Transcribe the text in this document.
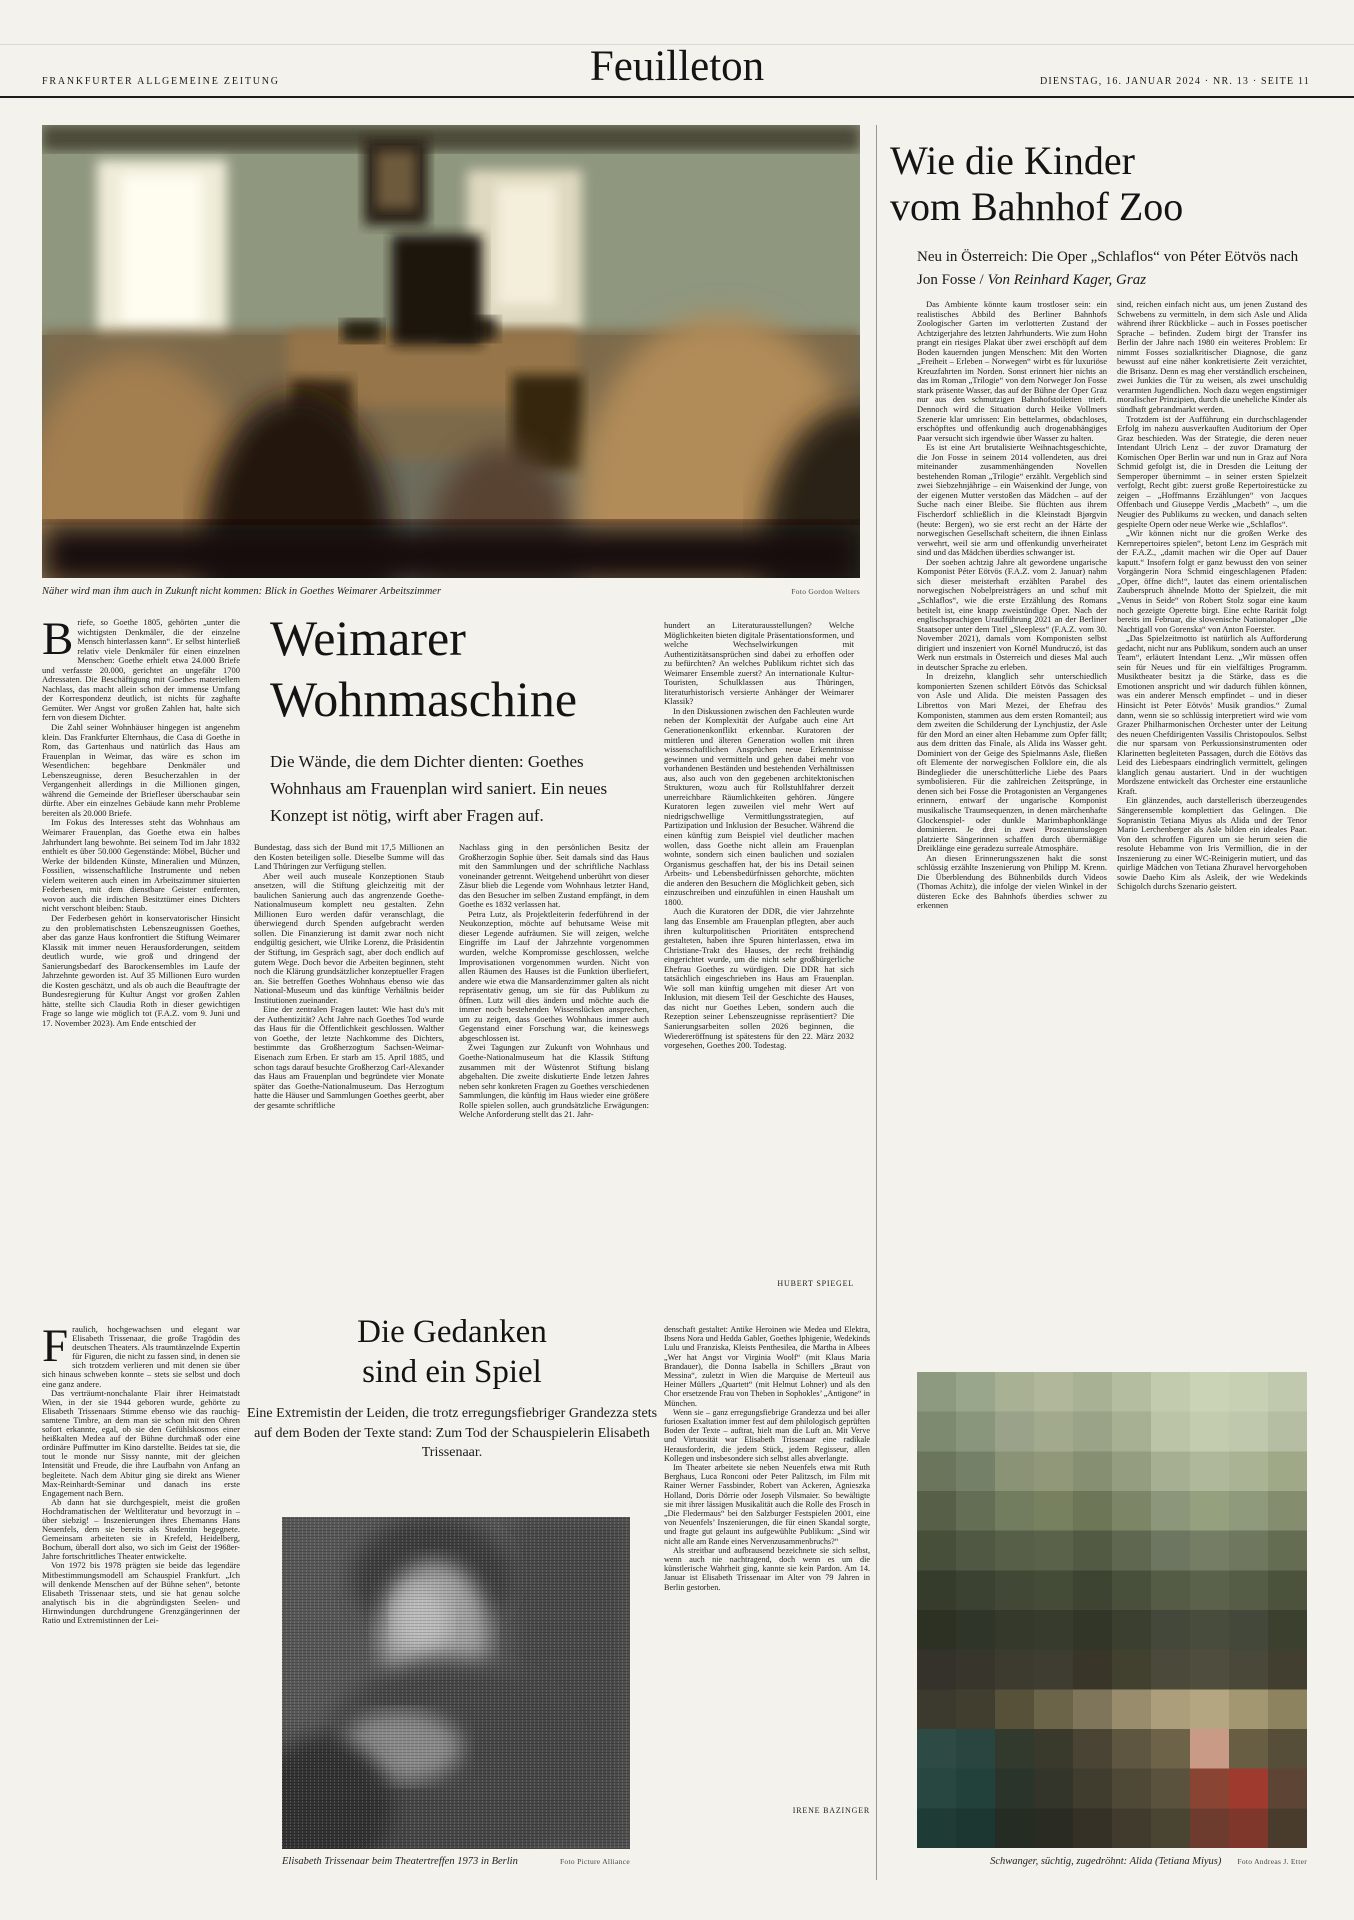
FRANKFURTER ALLGEMEINE ZEITUNG	Feuilleton	DIENSTAG, 16. JANUAR 2024 · NR. 13 · SEITE 11
Näher wird man ihm auch in Zukunft nicht kommen: Blick in Goethes Weimarer Arbeitszimmer	Foto Gordon Welters
Wie die Kinder
vom Bahnhof Zoo
Neu in Österreich: Die Oper „Schlaflos“ von Péter Eötvös nach Jon Fosse / Von Reinhard Kager, Graz

Das Ambiente könnte kaum trostloser sein: ein realistisches Abbild des Berliner Bahnhofs Zoologischer Garten im verlotterten Zustand der Achtzigerjahre des letzten Jahrhunderts. Wie zum Hohn prangt ein riesiges Plakat über zwei erschöpft auf dem Boden kauernden jungen Menschen: Mit den Worten „Freiheit – Erleben – Norwegen“ wirbt es für luxuriöse Kreuzfahrten im Norden. Sonst erinnert hier nichts an das im Roman „Trilogie“ von dem Norweger Jon Fosse stark präsente Wasser, das auf der Bühne der Oper Graz nur aus den schmutzigen Bahnhofstoiletten trieft. Dennoch wird die Situation durch Heike Vollmers Szenerie klar umrissen: Ein bettelarmes, obdachloses, erschöpftes und offenkundig auch drogenabhängiges Paar versucht sich irgendwie über Wasser zu halten.

Es ist eine Art brutalisierte Weihnachtsgeschichte, die Jon Fosse in seinem 2014 vollendeten, aus drei miteinander zusammenhängenden Novellen bestehenden Roman „Trilogie“ erzählt. Vergeblich sind zwei Siebzehnjährige – ein Waisenkind der Junge, von der eigenen Mutter verstoßen das Mädchen – auf der Suche nach einer Bleibe. Sie flüchten aus ihrem Fischerdorf schließlich in die Kleinstadt Bjørgvin (heute: Bergen), wo sie erst recht an der Härte der norwegischen Gesellschaft scheitern, die ihnen Einlass verwehrt, weil sie arm und offenkundig unverheiratet sind und das Mädchen überdies schwanger ist.

Der soeben achtzig Jahre alt gewordene ungarische Komponist Péter Eötvös (F.A.Z. vom 2. Januar) nahm sich dieser meisterhaft erzählten Parabel des norwegischen Nobelpreisträgers an und schuf mit „Schlaflos“, wie die erste Erzählung des Romans betitelt ist, eine knapp zweistündige Oper. Nach der englischsprachigen Uraufführung 2021 an der Berliner Staatsoper unter dem Titel „Sleepless“ (F.A.Z. vom 30. November 2021), damals vom Komponisten selbst dirigiert und inszeniert von Kornél Mundruczó, ist das Werk nun erstmals in Österreich und dieses Mal auch in deutscher Sprache zu erleben.

In dreizehn, klanglich sehr unterschiedlich komponierten Szenen schildert Eötvös das Schicksal von Asle und Alida. Die meisten Passagen des Librettos von Mari Mezei, der Ehefrau des Komponisten, stammen aus dem ersten Romanteil; aus dem zweiten die Schilderung der Lynchjustiz, der Asle für den Mord an einer alten Hebamme zum Opfer fällt; aus dem dritten das Finale, als Alida ins Wasser geht. Dominiert von der Geige des Spielmanns Asle, fließen oft Elemente der norwegischen Folklore ein, die als Bindeglieder die unerschütterliche Liebe des Paars symbolisieren. Für die zahlreichen Zeitsprünge, in denen sich bei Fosse die Protagonisten an Vergangenes erinnern, entwarf der ungarische Komponist musikalische Traumsequenzen, in denen märchenhafte Glockenspiel- oder dunkle Marimbaphonklänge dominieren. Je drei in zwei Proszeniumslogen platzierte Sängerinnen schaffen durch übermäßige Dreiklänge eine geradezu surreale Atmosphäre.

An diesen Erinnerungsszenen hakt die sonst schlüssig erzählte Inszenierung von Philipp M. Krenn. Die Überblendung des Bühnenbilds durch Videos (Thomas Achitz), die infolge der vielen Winkel in der düsteren Ecke des Bahnhofs überdies schwer zu erkennen

sind, reichen einfach nicht aus, um jenen Zustand des Schwebens zu vermitteln, in dem sich Asle und Alida während ihrer Rückblicke – auch in Fosses poetischer Sprache – befinden. Zudem birgt der Transfer ins Berlin der Jahre nach 1980 ein weiteres Problem: Er nimmt Fosses sozialkritischer Diagnose, die ganz bewusst auf eine näher konkretisierte Zeit verzichtet, die Brisanz. Denn es mag eher verständlich erscheinen, zwei Junkies die Tür zu weisen, als zwei unschuldig verarmten Jugendlichen. Noch dazu wegen engstirniger moralischer Prinzipien, durch die uneheliche Kinder als sündhaft gebrandmarkt werden.

Trotzdem ist der Aufführung ein durchschlagender Erfolg im nahezu ausverkauften Auditorium der Oper Graz beschieden. Was der Strategie, die deren neuer Intendant Ulrich Lenz – der zuvor Dramaturg der Komischen Oper Berlin war und nun in Graz auf Nora Schmid gefolgt ist, die in Dresden die Leitung der Semperoper übernimmt – in seiner ersten Spielzeit verfolgt, Recht gibt: zuerst große Repertoirestücke zu zeigen – „Hoffmanns Erzählungen“ von Jacques Offenbach und Giuseppe Verdis „Macbeth“ –, um die Neugier des Publikums zu wecken, und danach selten gespielte Opern oder neue Werke wie „Schlaflos“.

„Wir können nicht nur die großen Werke des Kernrepertoires spielen“, betont Lenz im Gespräch mit der F.A.Z., „damit machen wir die Oper auf Dauer kaputt.“ Insofern folgt er ganz bewusst den von seiner Vorgängerin Nora Schmid eingeschlagenen Pfaden: „Oper, öffne dich!“, lautet das einem orientalischen Zauberspruch ähnelnde Motto der Spielzeit, die mit „Venus in Seide“ von Robert Stolz sogar eine kaum noch gezeigte Operette birgt. Eine echte Rarität folgt bereits im Februar, die slowenische Nationaloper „Die Nachtigall von Gorenska“ von Anton Foerster.

„Das Spielzeitmotto ist natürlich als Aufforderung gedacht, nicht nur ans Publikum, sondern auch an unser Team“, erläutert Intendant Lenz. „Wir müssen offen sein für Neues und für ein vielfältiges Programm. Musiktheater besitzt ja die Stärke, dass es die Emotionen anspricht und wir dadurch fühlen können, was ein anderer Mensch empfindet – und in dieser Hinsicht ist Peter Eötvös’ Musik grandios.“ Zumal dann, wenn sie so schlüssig interpretiert wird wie vom Grazer Philharmonischen Orchester unter der Leitung des neuen Chefdirigenten Vassilis Christopoulos. Selbst die nur sparsam von Perkussionsinstrumenten oder Klarinetten begleiteten Passagen, durch die Eötövs das Leid des Liebespaars eindringlich vermittelt, gelingen klanglich genau austariert. Und in der wuchtigen Mordszene entwickelt das Orchester eine erstaunliche Kraft.

Ein glänzendes, auch darstellerisch überzeugendes Sängerensemble komplettiert das Gelingen. Die Sopranistin Tetiana Miyus als Alida und der Tenor Mario Lerchenberger als Asle bilden ein ideales Paar. Von den schroffen Figuren um sie herum seien die resolute Hebamme von Iris Vermillion, die in der Inszenierung zu einer WC-Reinigerin mutiert, und das quirlige Mädchen von Tetiana Zhuravel hervorgehoben sowie Daeho Kim als Asleik, der wie Wedekinds Schigolch durchs Szenario geistert.

Schwanger, süchtig, zugedröhnt: Alida (Tetiana Miyus) Foto Andreas J. Etter

Briefe, so Goethe 1805, gehörten „unter die wichtigsten Denkmäler, die der einzelne Mensch hinterlassen kann“. Er selbst hinterließ relativ viele Denkmäler für einen einzelnen Menschen: Goethe erhielt etwa 24.000 Briefe und verfasste 20.000, gerichtet an ungefähr 1700 Adressaten. Die Beschäftigung mit Goethes materiellem Nachlass, das macht allein schon der immense Umfang der Korrespondenz deutlich, ist nichts für zaghafte Gemüter. Wer Angst vor großen Zahlen hat, halte sich fern von diesem Dichter.

Die Zahl seiner Wohnhäuser hingegen ist angenehm klein. Das Frankfurter Elternhaus, die Casa di Goethe in Rom, das Gartenhaus und natürlich das Haus am Frauenplan in Weimar, das wäre es schon im Wesentlichen: begehbare Denkmäler und Lebenszeugnisse, deren Besucherzahlen in der Vergangenheit allerdings in die Millionen gingen, während die Gemeinde der Briefleser überschaubar sein dürfte. Aber ein einzelnes Gebäude kann mehr Probleme bereiten als 20.000 Briefe.

Im Fokus des Interesses steht das Wohnhaus am Weimarer Frauenplan, das Goethe etwa ein halbes Jahrhundert lang bewohnte. Bei seinem Tod im Jahr 1832 enthielt es über 50.000 Gegenstände: Möbel, Bücher und Werke der bildenden Künste, Mineralien und Münzen, Fossilien, wissenschaftliche Instrumente und neben vielem weiteren auch einen im Arbeitszimmer situierten Federbesen, mit dem dienstbare Geister entfernten, wovon auch die irdischen Besitztümer eines Dichters nicht verschont bleiben: Staub.

Der Federbesen gehört in konservatorischer Hinsicht zu den problematischsten Lebenszeugnissen Goethes, aber das ganze Haus konfrontiert die Stiftung Weimarer Klassik mit immer neuen Herausforderungen, seitdem deutlich wurde, wie groß und dringend der Sanierungsbedarf des Barockensembles im Laufe der Jahrzehnte geworden ist. Auf 35 Millionen Euro wurden die Kosten geschätzt, und als ob auch die Beauftragte der Bundesregierung für Kultur Angst vor großen Zahlen hätte, stellte sich Claudia Roth in dieser gewichtigen Frage so lange wie möglich tot (F.A.Z. vom 9. Juni und 17. November 2023). Am Ende entschied der

Weimarer
Wohnmaschine
Die Wände, die dem Dichter dienten: Goethes Wohnhaus am Frauenplan wird saniert. Ein neues Konzept ist nötig, wirft aber Fragen auf.

Bundestag, dass sich der Bund mit 17,5 Millionen an den Kosten beteiligen solle. Dieselbe Summe will das Land Thüringen zur Verfügung stellen.

Aber weil auch museale Konzeptionen Staub ansetzen, will die Stiftung gleichzeitig mit der baulichen Sanierung auch das angrenzende Goethe-Nationalmuseum komplett neu gestalten. Zehn Millionen Euro werden dafür veranschlagt, die überwiegend durch Spenden aufgebracht werden sollen. Die Finanzierung ist damit zwar noch nicht endgültig gesichert, wie Ulrike Lorenz, die Präsidentin der Stiftung, im Gespräch sagt, aber doch endlich auf gutem Wege. Doch bevor die Arbeiten beginnen, steht noch die Klärung grundsätzlicher konzeptueller Fragen an. Sie betreffen Goethes Wohnhaus ebenso wie das National-Museum und das künftige Verhältnis beider Institutionen zueinander.

Eine der zentralen Fragen lautet: Wie hast du's mit der Authentizität? Acht Jahre nach Goethes Tod wurde das Haus für die Öffentlichkeit geschlossen. Walther von Goethe, der letzte Nachkomme des Dichters, bestimmte das Großherzogtum Sachsen-Weimar-Eisenach zum Erben. Er starb am 15. April 1885, und schon tags darauf besuchte Großherzog Carl-Alexander das Haus am Frauenplan und begründete vier Monate später das Goethe-Nationalmuseum. Das Herzogtum hatte die Häuser und Sammlungen Goethes geerbt, aber der gesamte schriftliche

Nachlass ging in den persönlichen Besitz der Großherzogin Sophie über. Seit damals sind das Haus mit den Sammlungen und der schriftliche Nachlass voneinander getrennt. Weitgehend unberührt von dieser Zäsur blieb die Legende vom Wohnhaus letzter Hand, das den Besucher im selben Zustand empfängt, in dem Goethe es 1832 verlassen hat.

Petra Lutz, als Projektleiterin federführend in der Neukonzeption, möchte auf behutsame Weise mit dieser Legende aufräumen. Sie will zeigen, welche Eingriffe im Lauf der Jahrzehnte vorgenommen wurden, welche Kompromisse geschlossen, welche Improvisationen vorgenommen wurden. Nicht von allen Räumen des Hauses ist die Funktion überliefert, andere wie etwa die Mansardenzimmer galten als nicht repräsentativ genug, um sie für das Publikum zu öffnen. Lutz will dies ändern und möchte auch die immer noch bestehenden Wissenslücken ansprechen, um zu zeigen, dass Goethes Wohnhaus immer auch Gegenstand einer Forschung war, die keineswegs abgeschlossen ist.

Zwei Tagungen zur Zukunft von Wohnhaus und Goethe-Nationalmuseum hat die Klassik Stiftung zusammen mit der Wüstenrot Stiftung bislang abgehalten. Die zweite diskutierte Ende letzen Jahres neben sehr konkreten Fragen zu Goethes verschiedenen Sammlungen, die künftig im Haus wieder eine größere Rolle spielen sollen, auch grundsätzliche Erwägungen: Welche Anforderung stellt das 21. Jahr-

hundert an Literaturausstellungen? Welche Möglichkeiten bieten digitale Präsentationsformen, und welche Wechselwirkungen mit Authentizitätsansprüchen sind dabei zu erhoffen oder zu befürchten? An welches Publikum richtet sich das Weimarer Ensemble zuerst? An internationale Kultur-Touristen, Schulklassen aus Thüringen, literaturhistorisch versierte Anhänger der Weimarer Klassik?

In den Diskussionen zwischen den Fachleuten wurde neben der Komplexität der Aufgabe auch eine Art Generationenkonflikt erkennbar. Kuratoren der mittleren und älteren Generation wollen mit ihren wissenschaftlichen Ansprüchen neue Erkenntnisse gewinnen und vermitteln und gehen dabei mehr von vorhandenen Beständen und bestehenden Verhältnissen aus, also auch von den gegebenen architektonischen Strukturen, wozu auch für Rollstuhlfahrer derzeit unerreichbare Räumlichkeiten gehören. Jüngere Kuratoren legen zuweilen viel mehr Wert auf niedrigschwellige Vermittlungsstrategien, auf Partizipation und Inklusion der Besucher. Während die einen künftig zum Beispiel viel deutlicher machen wollen, dass Goethe nicht allein am Frauenplan wohnte, sondern sich einen baulichen und sozialen Organismus geschaffen hat, der bis ins Detail seinen Arbeits- und Lebensbedürfnissen gehorchte, möchten die anderen den Besuchern die Möglichkeit geben, sich einzuschreiben und einzufühlen in einen Haushalt um 1800.

Auch die Kuratoren der DDR, die vier Jahrzehnte lang das Ensemble am Frauenplan pflegten, aber auch ihren kulturpolitischen Prioritäten entsprechend gestalteten, haben ihre Spuren hinterlassen, etwa im Christiane-Trakt des Hauses, der recht freihändig eingerichtet wurde, um die nicht sehr großbürgerliche Ehefrau Goethes zu würdigen. Die DDR hat sich tatsächlich eingeschrieben ins Haus am Frauenplan. Wie soll man künftig umgehen mit dieser Art von Inklusion, mit diesem Teil der Geschichte des Hauses, das nicht nur Goethes Leben, sondern auch die Rezeption seiner Lebenszeugnisse repräsentiert? Die Sanierungsarbeiten sollen 2026 beginnen, die Wiedereröffnung ist spätestens für den 22. März 2032 vorgesehen, Goethes 200. Todestag.

HUBERT SPIEGEL

Fraulich, hochgewachsen und elegant war Elisabeth Trissenaar, die große Tragödin des deutschen Theaters. Als traumtänzelnde Expertin für Figuren, die nicht zu fassen sind, in denen sie sich trotzdem verlieren und mit denen sie über sich hinaus schweben konnte – stets sie selbst und doch eine ganz andere.

Das verträumt-nonchalante Flair ihrer Heimatstadt Wien, in der sie 1944 geboren wurde, gehörte zu Elisabeth Trissenaars Stimme ebenso wie das rauchig-samtene Timbre, an dem man sie schon mit den Ohren sofort erkannte, egal, ob sie den Gefühlskosmos einer heißkalten Medea auf der Bühne durchmaß oder eine ordinäre Puffmutter im Kino darstellte. Beides tat sie, die tout le monde nur Sissy nannte, mit der gleichen Intensität und Freude, die ihre Laufbahn von Anfang an begleitete. Nach dem Abitur ging sie direkt ans Wiener Max-Reinhardt-Seminar und danach ins erste Engagement nach Bern.

Ab dann hat sie durchgespielt, meist die großen Hochdramatischen der Weltliteratur und bevorzugt in – über siebzig! – Inszenierungen ihres Ehemanns Hans Neuenfels, dem sie bereits als Studentin begegnete. Gemeinsam arbeiteten sie in Krefeld, Heidelberg, Bochum, überall dort also, wo sich im Geist der 1968er-Jahre fortschrittliches Theater entwickelte.

Von 1972 bis 1978 prägten sie beide das legendäre Mitbestimmungsmodell am Schauspiel Frankfurt. „Ich will denkende Menschen auf der Bühne sehen“, betonte Elisabeth Trissenaar stets, und sie hat genau solche analytisch bis in die abgründigsten Seelen- und Hirnwindungen durchdrungene Grenzgängerinnen der Ratio und Extremistinnen der Lei-

Die Gedanken
sind ein Spiel
Eine Extremistin der Leiden, die trotz erregungsfiebriger Grandezza stets auf dem Boden der Texte stand: Zum Tod der Schauspielerin Elisabeth Trissenaar.
Elisabeth Trissenaar beim Theatertreffen 1973 in Berlin	Foto Picture Alliance

denschaft gestaltet: Antike Heroinen wie Medea und Elektra, Ibsens Nora und Hedda Gabler, Goethes Iphigenie, Wedekinds Lulu und Franziska, Kleists Penthesilea, die Martha in Albees „Wer hat Angst vor Virginia Woolf“ (mit Klaus Maria Brandauer), die Donna Isabella in Schillers „Braut von Messina“, zuletzt in Wien die Marquise de Merteuil aus Heiner Müllers „Quartett“ (mit Helmut Lohner) und als den Chor ersetzende Frau von Theben in Sophokles’ „Antigone“ in München.

Wenn sie – ganz erregungsfiebrige Grandezza und bei aller furiosen Exaltation immer fest auf dem philologisch geprüften Boden der Texte – auftrat, hielt man die Luft an. Mit Verve und Virtuosität war Elisabeth Trissenaar eine radikale Herausforderin, die jedem Stück, jedem Regisseur, allen Kollegen und insbesondere sich selbst alles abverlangte.

Im Theater arbeitete sie neben Neuenfels etwa mit Ruth Berghaus, Luca Ronconi oder Peter Palitzsch, im Film mit Rainer Werner Fassbinder, Robert van Ackeren, Agnieszka Holland, Doris Dörrie oder Joseph Vilsmaier. So bewältigte sie mit ihrer lässigen Musikalität auch die Rolle des Frosch in „Die Fledermaus“ bei den Salzburger Festspielen 2001, eine von Neuenfels’ Inszenierungen, die für einen Skandal sorgte, und fragte gut gelaunt ins aufgewühlte Publikum: „Sind wir nicht alle am Rande eines Nervenzusammenbruchs?“

Als streitbar und aufbrausend bezeichnete sie sich selbst, wenn auch nie nachtragend, doch wenn es um die künstlerische Wahrheit ging, kannte sie kein Pardon. Am 14. Januar ist Elisabeth Trissenaar im Alter von 79 Jahren in Berlin gestorben.

IRENE BAZINGER
